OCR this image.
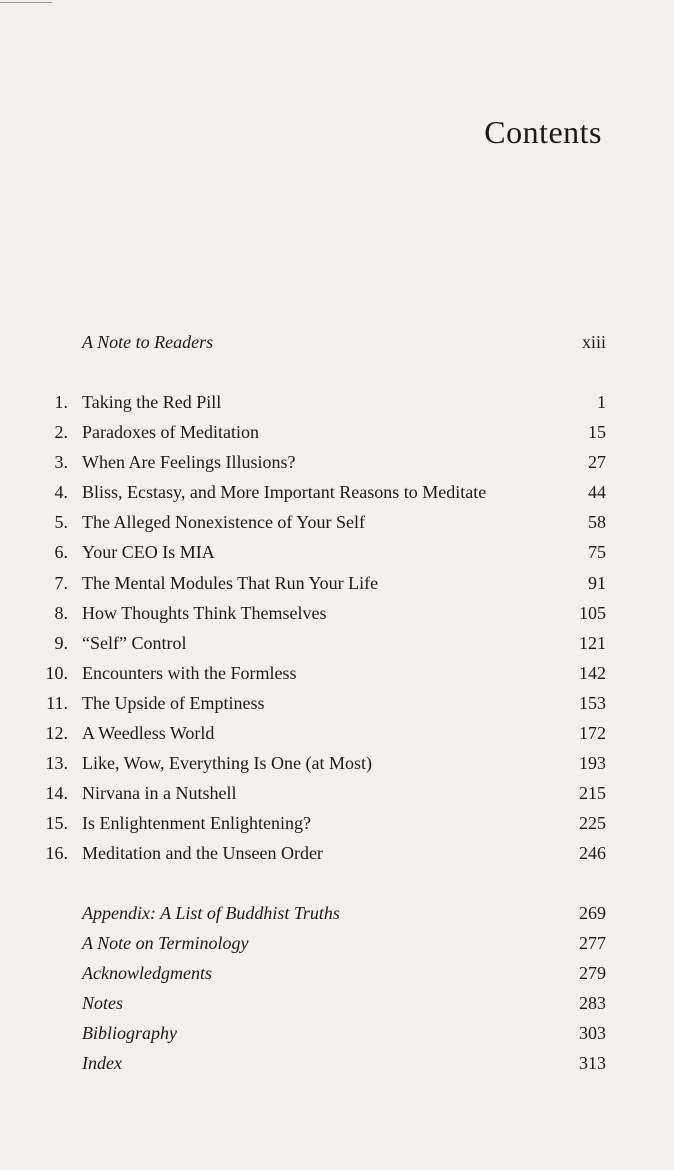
Contents
A Note to Readers	xiii
1. Taking the Red Pill	1
2. Paradoxes of Meditation	15
3. When Are Feelings Illusions?	27
4. Bliss, Ecstasy, and More Important Reasons to Meditate	44
5. The Alleged Nonexistence of Your Self	58
6. Your CEO Is MIA	75
7. The Mental Modules That Run Your Life	91
8. How Thoughts Think Themselves	105
9. “Self” Control	121
10. Encounters with the Formless	142
11. The Upside of Emptiness	153
12. A Weedless World	172
13. Like, Wow, Everything Is One (at Most)	193
14. Nirvana in a Nutshell	215
15. Is Enlightenment Enlightening?	225
16. Meditation and the Unseen Order	246
Appendix: A List of Buddhist Truths	269
A Note on Terminology	277
Acknowledgments	279
Notes	283
Bibliography	303
Index	313
